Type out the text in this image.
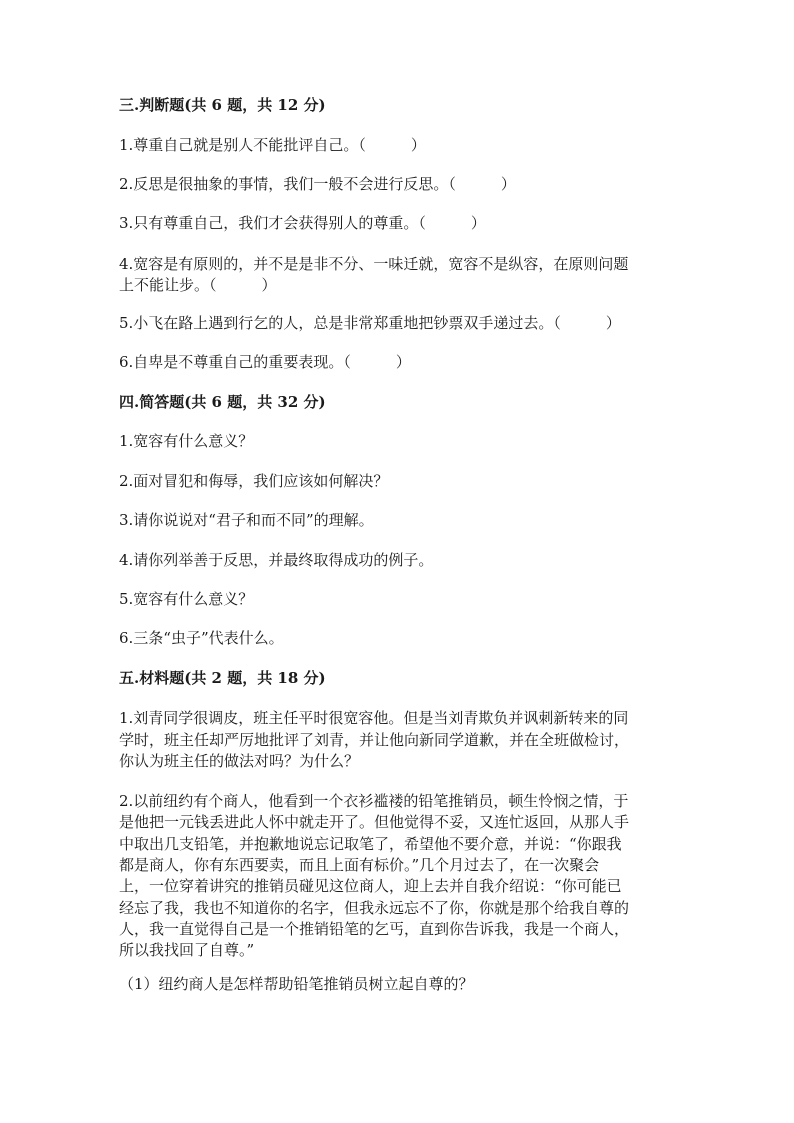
三.判断题(共 6 题，共 12 分)
1.尊重自己就是别人不能批评自己。（　　　）
2.反思是很抽象的事情，我们一般不会进行反思。（　　　）
3.只有尊重自己，我们才会获得别人的尊重。（　　　）
4.宽容是有原则的，并不是是非不分、一味迁就，宽容不是纵容，在原则问题
上不能让步。（　　　）
5.小飞在路上遇到行乞的人，总是非常郑重地把钞票双手递过去。（　　　）
6.自卑是不尊重自己的重要表现。（　　　）
四.简答题(共 6 题，共 32 分)
1.宽容有什么意义？
2.面对冒犯和侮辱，我们应该如何解决？
3.请你说说对“君子和而不同”的理解。
4.请你列举善于反思，并最终取得成功的例子。
5.宽容有什么意义？
6.三条“虫子”代表什么。
五.材料题(共 2 题，共 18 分)
1.刘青同学很调皮，班主任平时很宽容他。但是当刘青欺负并讽刺新转来的同
学时，班主任却严厉地批评了刘青，并让他向新同学道歉，并在全班做检讨，
你认为班主任的做法对吗？为什么？
2.以前纽约有个商人，他看到一个衣衫褴褛的铅笔推销员，顿生怜悯之情，于
是他把一元钱丢进此人怀中就走开了。但他觉得不妥，又连忙返回，从那人手
中取出几支铅笔，并抱歉地说忘记取笔了，希望他不要介意，并说：“你跟我
都是商人，你有东西要卖，而且上面有标价。”几个月过去了，在一次聚会
上，一位穿着讲究的推销员碰见这位商人，迎上去并自我介绍说：“你可能已
经忘了我，我也不知道你的名字，但我永远忘不了你，你就是那个给我自尊的
人，我一直觉得自己是一个推销铅笔的乞丐，直到你告诉我，我是一个商人，
所以我找回了自尊。”
（1）纽约商人是怎样帮助铅笔推销员树立起自尊的？
